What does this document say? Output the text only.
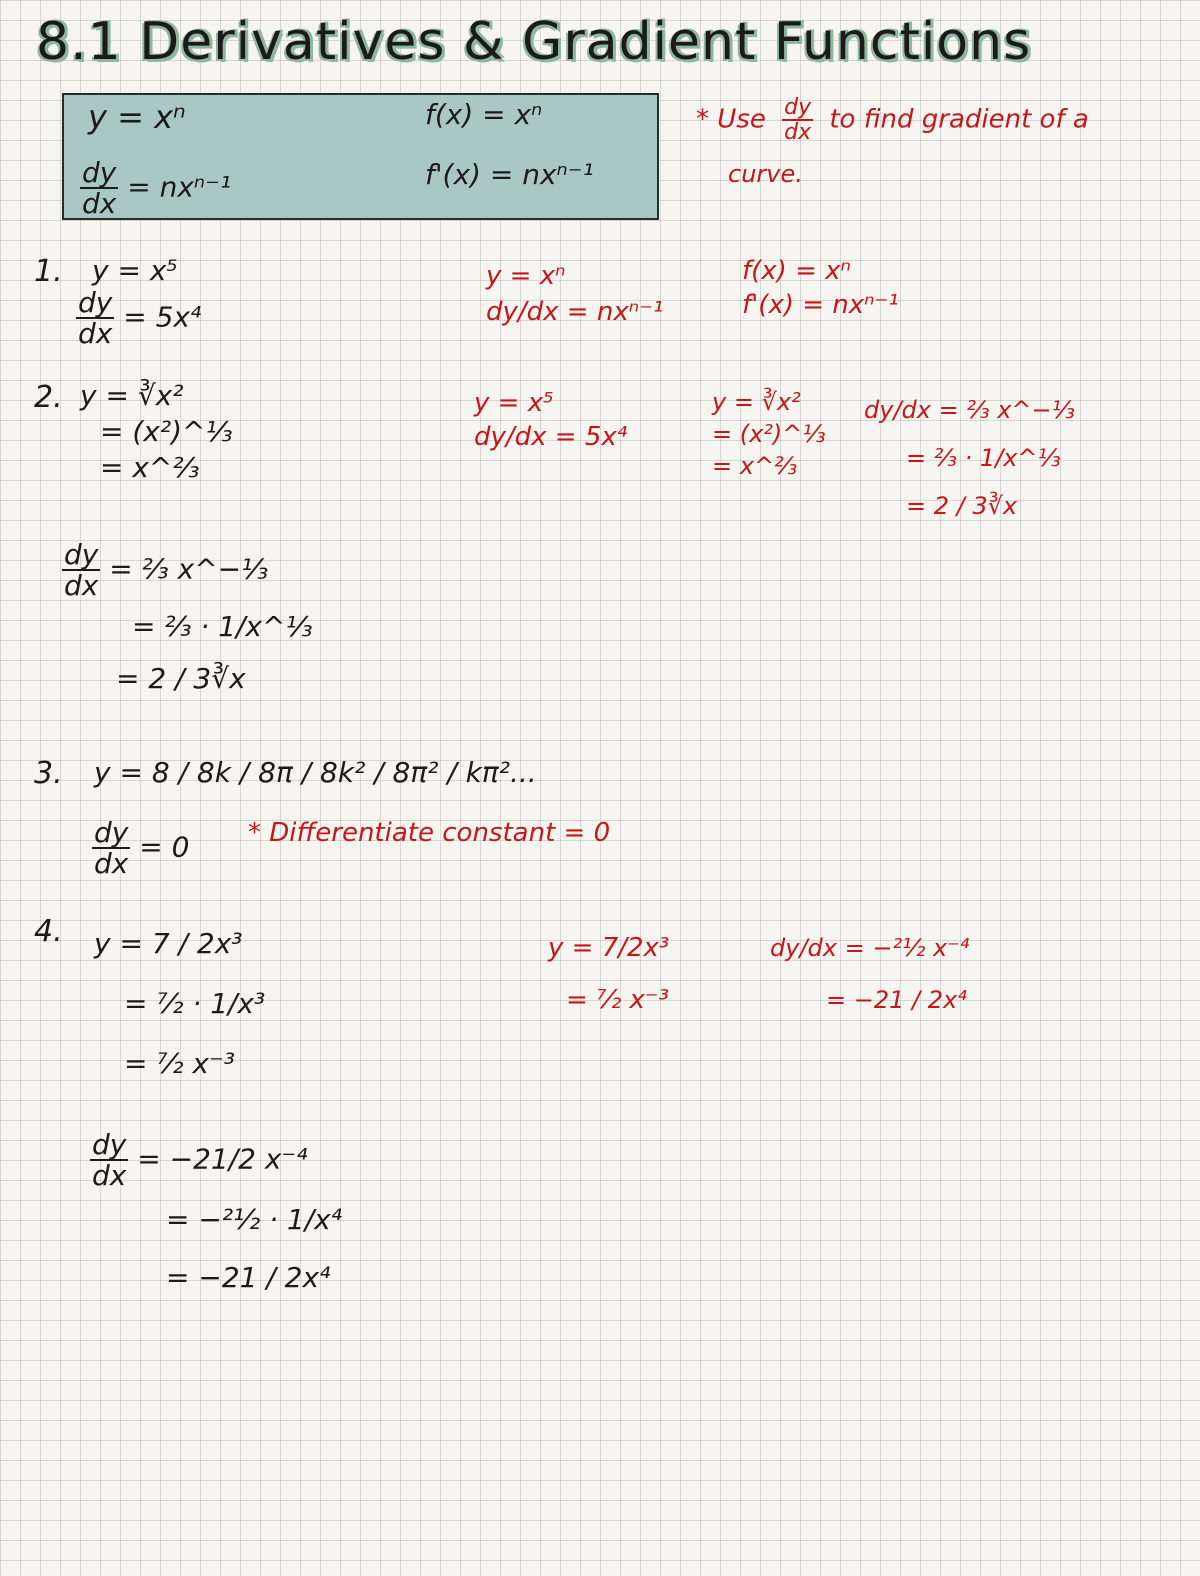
8.1 Derivatives & Gradient Functions
y = xⁿ	f(x) = xⁿ
$\frac{dy}{dx} = nx^{n-1}$	f'(x) = nxⁿ⁻¹
* Use $\frac{dy}{dx}$ to find gradient of a
curve.
1. y = x⁵
$\frac{dy}{dx} = 5x^4$
y = xⁿ
dy/dx = nxⁿ⁻¹
f(x) = xⁿ
f'(x) = nxⁿ⁻¹
2. y = ∛x²
= (x²)^⅓
= x^⅔
$\frac{dy}{dx}$ = ²⁄₃ x^−⅓
= ²⁄₃ · 1/x^⅓
= 2 / 3∛x
y = x⁵
dy/dx = 5x⁴
y = ∛x²
= (x²)^⅓
= x^⅔
dy/dx = ²⁄₃ x^−⅓
= ²⁄₃ · 1/x^⅓
= 2 / 3∛x
3. y = 8 / 8k / 8π / 8k² / 8π² / kπ²...
$\frac{dy}{dx} = 0$ * Differentiate constant = 0
4. y = 7 / 2x³
= ⁷⁄₂ · 1/x³
= ⁷⁄₂ x⁻³
$\frac{dy}{dx} = -21/2$ x⁻⁴
= −²¹⁄₂ · 1/x⁴
= −21 / 2x⁴
y = 7/2x³
= ⁷⁄₂ x⁻³
dy/dx = −²¹⁄₂ x⁻⁴
= −21 / 2x⁴
